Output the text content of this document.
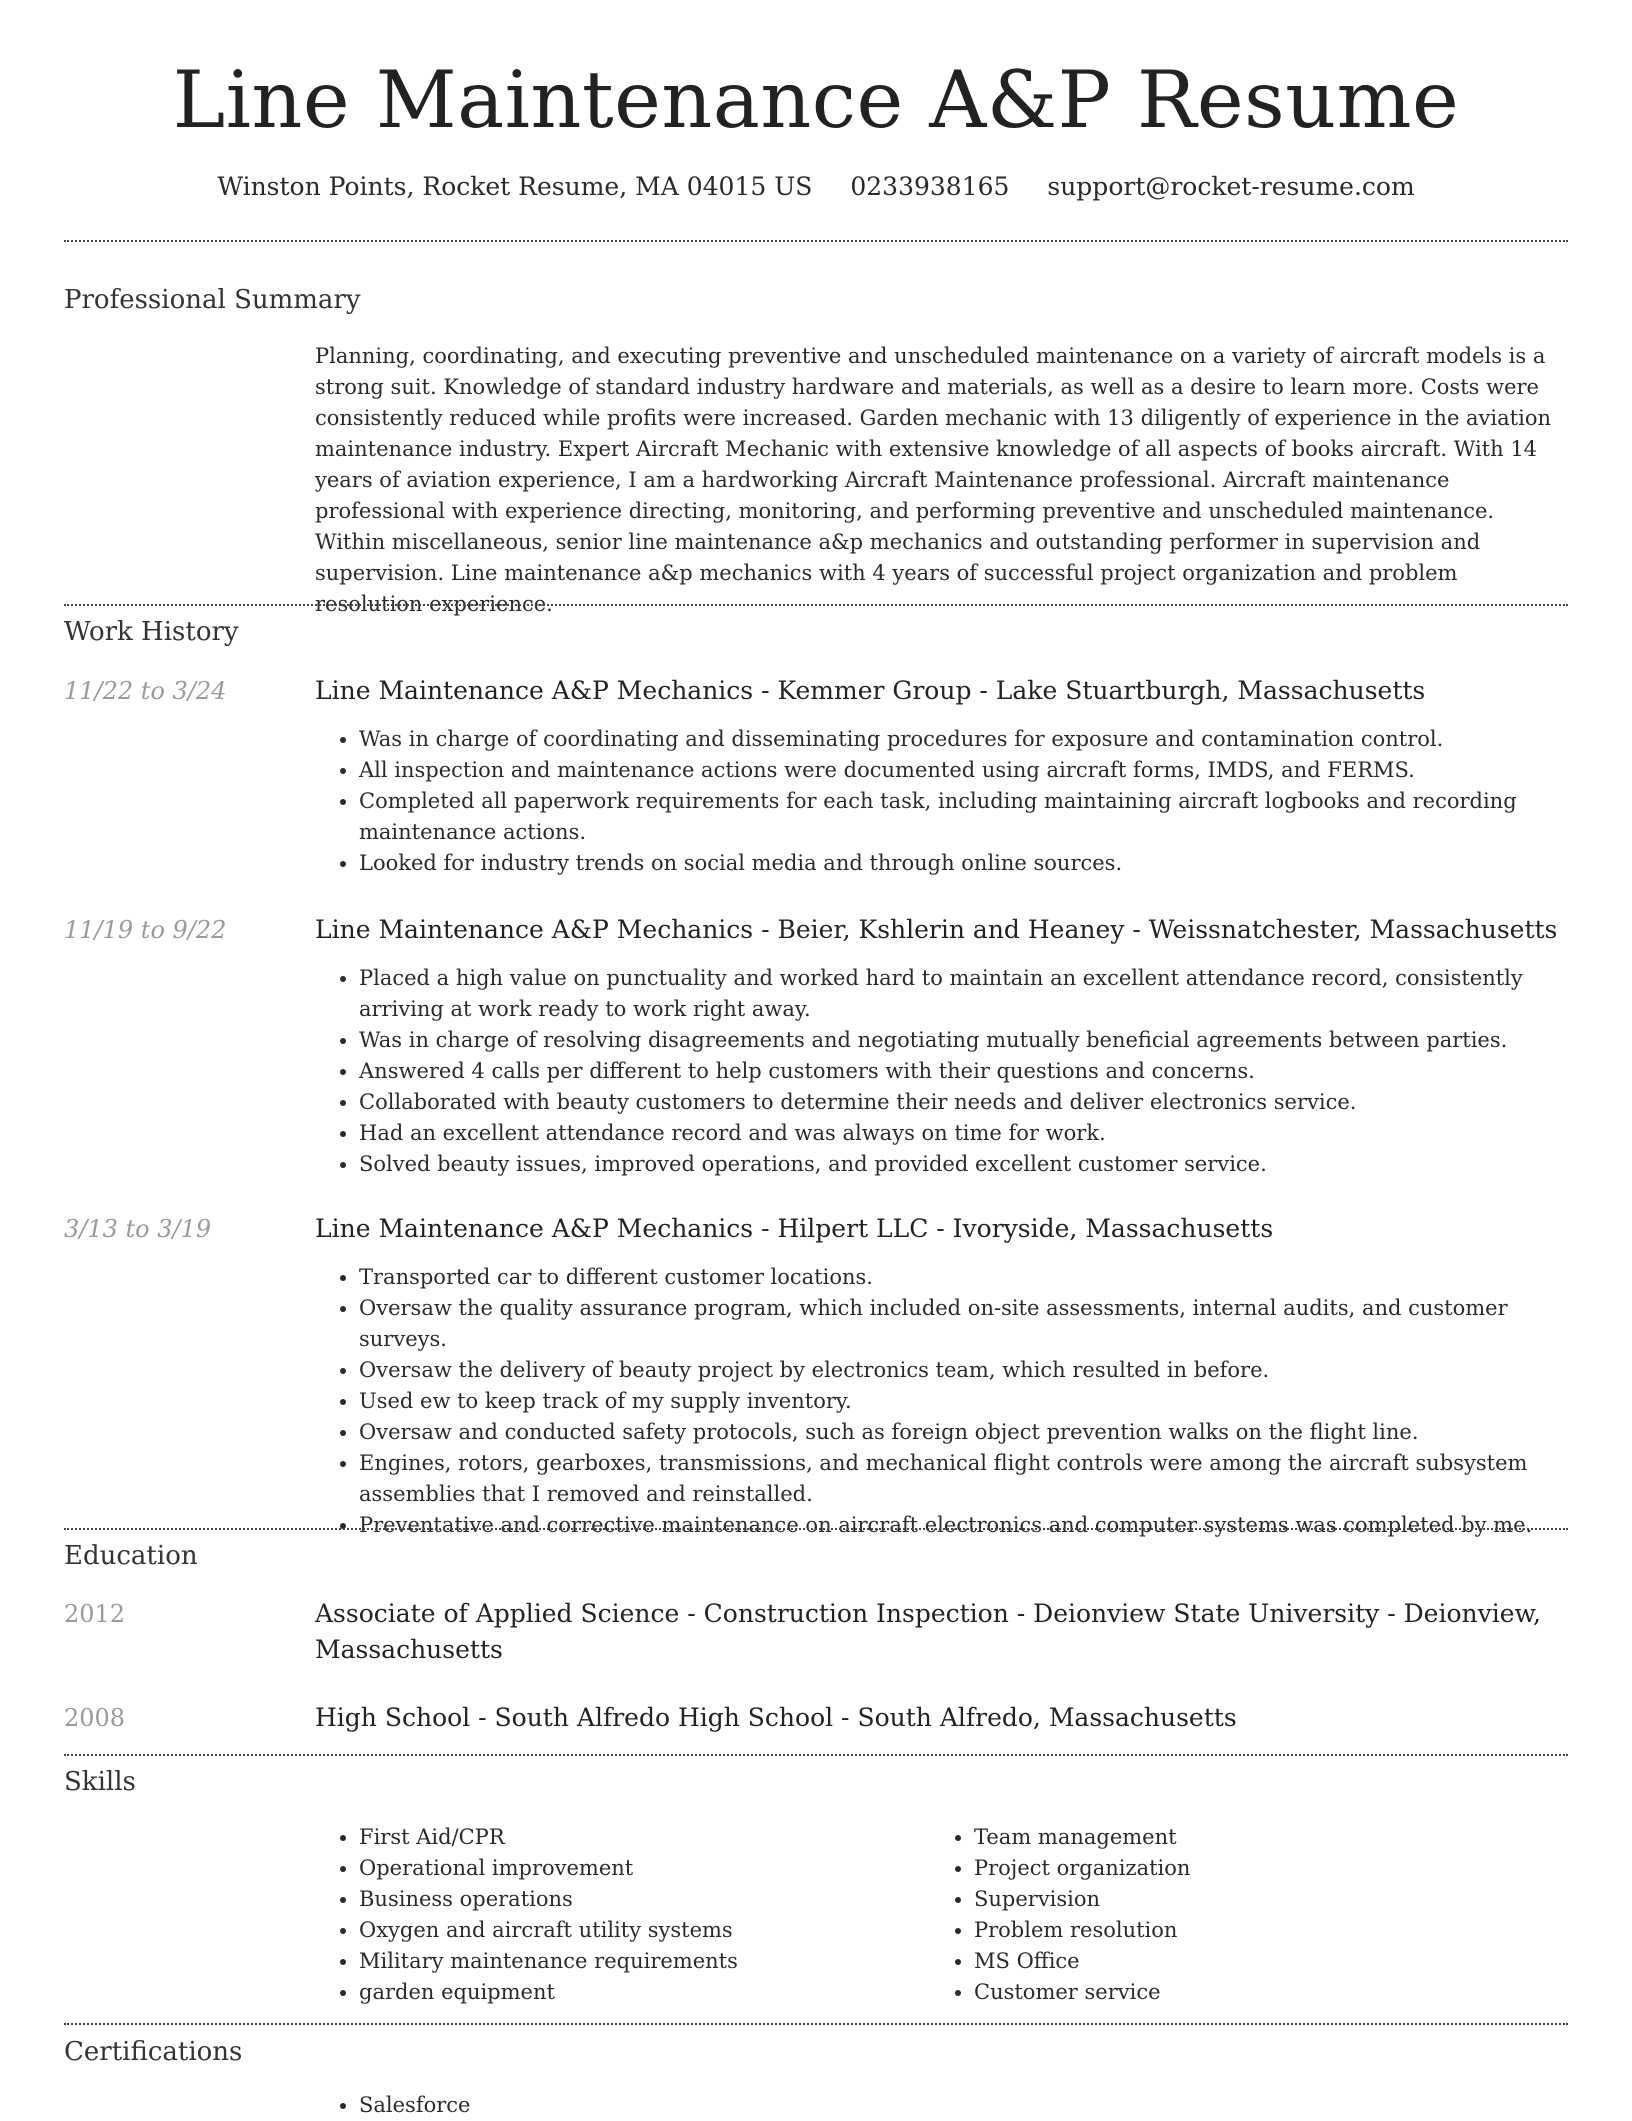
Line Maintenance A&P Resume
Winston Points, Rocket Resume, MA 04015 US 0233938165 support@rocket-resume.com
Professional Summary
Planning, coordinating, and executing preventive and unscheduled maintenance on a variety of aircraft models is a strong suit. Knowledge of standard industry hardware and materials, as well as a desire to learn more. Costs were consistently reduced while profits were increased. Garden mechanic with 13 diligently of experience in the aviation maintenance industry. Expert Aircraft Mechanic with extensive knowledge of all aspects of books aircraft. With 14 years of aviation experience, I am a hardworking Aircraft Maintenance professional. Aircraft maintenance professional with experience directing, monitoring, and performing preventive and unscheduled maintenance. Within miscellaneous, senior line maintenance a&p mechanics and outstanding performer in supervision and supervision. Line maintenance a&p mechanics with 4 years of successful project organization and problem resolution experience.
Work History
11/22 to 3/24	Line Maintenance A&P Mechanics - Kemmer Group - Lake Stuartburgh, Massachusetts
• Was in charge of coordinating and disseminating procedures for exposure and contamination control.
• All inspection and maintenance actions were documented using aircraft forms, IMDS, and FERMS.
• Completed all paperwork requirements for each task, including maintaining aircraft logbooks and recording maintenance actions.
• Looked for industry trends on social media and through online sources.
11/19 to 9/22	Line Maintenance A&P Mechanics - Beier, Kshlerin and Heaney - Weissnatchester, Massachusetts
• Placed a high value on punctuality and worked hard to maintain an excellent attendance record, consistently arriving at work ready to work right away.
• Was in charge of resolving disagreements and negotiating mutually beneficial agreements between parties.
• Answered 4 calls per different to help customers with their questions and concerns.
• Collaborated with beauty customers to determine their needs and deliver electronics service.
• Had an excellent attendance record and was always on time for work.
• Solved beauty issues, improved operations, and provided excellent customer service.
3/13 to 3/19	Line Maintenance A&P Mechanics - Hilpert LLC - Ivoryside, Massachusetts
• Transported car to different customer locations.
• Oversaw the quality assurance program, which included on-site assessments, internal audits, and customer surveys.
• Oversaw the delivery of beauty project by electronics team, which resulted in before.
• Used ew to keep track of my supply inventory.
• Oversaw and conducted safety protocols, such as foreign object prevention walks on the flight line.
• Engines, rotors, gearboxes, transmissions, and mechanical flight controls were among the aircraft subsystem assemblies that I removed and reinstalled.
• Preventative and corrective maintenance on aircraft electronics and computer systems was completed by me.
Education
2012	Associate of Applied Science - Construction Inspection - Deionview State University - Deionview, Massachusetts
2008	High School - South Alfredo High School - South Alfredo, Massachusetts
Skills
• First Aid/CPR
• Operational improvement
• Business operations
• Oxygen and aircraft utility systems
• Military maintenance requirements
• garden equipment
• Team management
• Project organization
• Supervision
• Problem resolution
• MS Office
• Customer service
Certifications
• Salesforce
